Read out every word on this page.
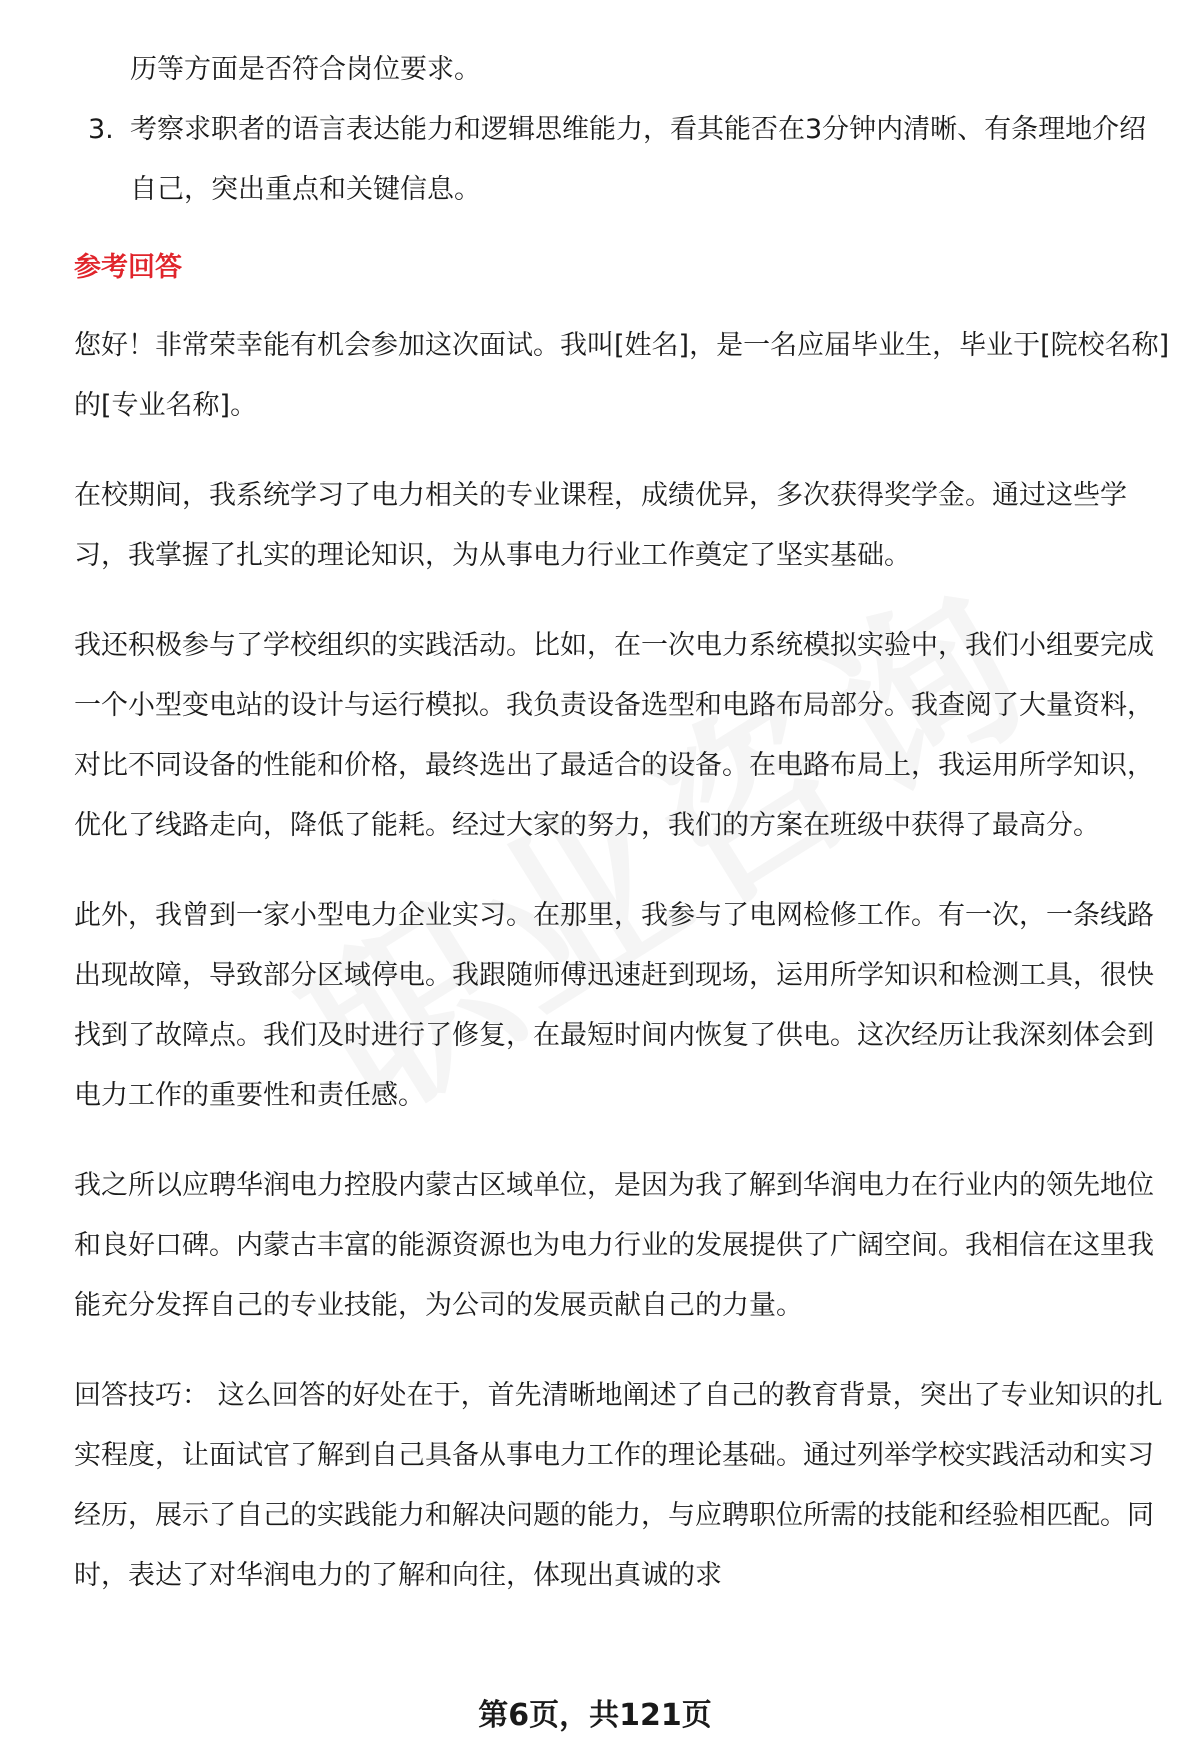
历等方面是否符合岗位要求。
3. 考察求职者的语言表达能力和逻辑思维能力，看其能否在3分钟内清晰、有条理地介绍自己，突出重点和关键信息。
参考回答

您好！非常荣幸能有机会参加这次面试。我叫[姓名]，是一名应届毕业生，毕业于[院校名称]的[专业名称]。

在校期间，我系统学习了电力相关的专业课程，成绩优异，多次获得奖学金。通过这些学习，我掌握了扎实的理论知识，为从事电力行业工作奠定了坚实基础。

我还积极参与了学校组织的实践活动。比如，在一次电力系统模拟实验中，我们小组要完成一个小型变电站的设计与运行模拟。我负责设备选型和电路布局部分。我查阅了大量资料，对比不同设备的性能和价格，最终选出了最适合的设备。在电路布局上，我运用所学知识，优化了线路走向，降低了能耗。经过大家的努力，我们的方案在班级中获得了最高分。

此外，我曾到一家小型电力企业实习。在那里，我参与了电网检修工作。有一次，一条线路出现故障，导致部分区域停电。我跟随师傅迅速赶到现场，运用所学知识和检测工具，很快找到了故障点。我们及时进行了修复，在最短时间内恢复了供电。这次经历让我深刻体会到电力工作的重要性和责任感。

我之所以应聘华润电力控股内蒙古区域单位，是因为我了解到华润电力在行业内的领先地位和良好口碑。内蒙古丰富的能源资源也为电力行业的发展提供了广阔空间。我相信在这里我能充分发挥自己的专业技能，为公司的发展贡献自己的力量。

回答技巧： 这么回答的好处在于，首先清晰地阐述了自己的教育背景，突出了专业知识的扎实程度，让面试官了解到自己具备从事电力工作的理论基础。通过列举学校实践活动和实习经历，展示了自己的实践能力和解决问题的能力，与应聘职位所需的技能和经验相匹配。同时，表达了对华润电力的了解和向往，体现出真诚的求

第6页，共121页
